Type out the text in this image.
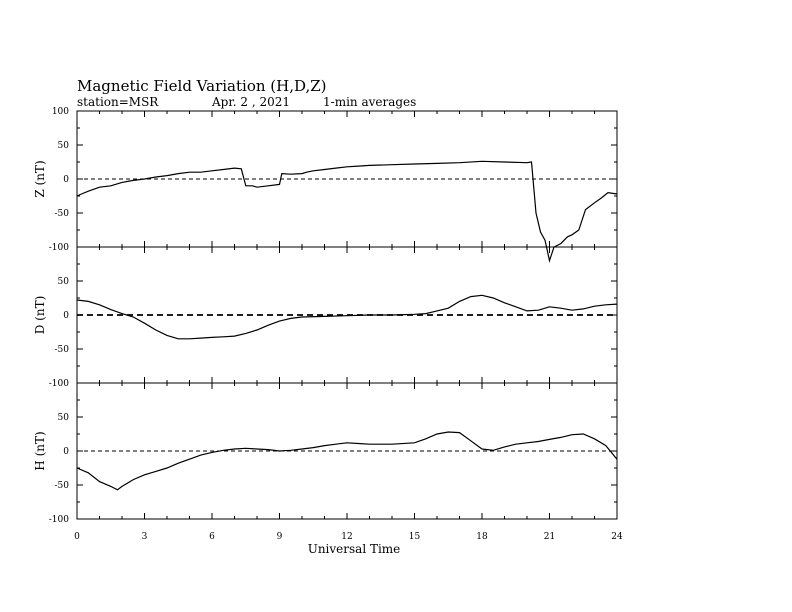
Magnetic Field Variation (H,D,Z)
station=MSR	Apr. 2 , 2021	1-min averages
100
50
0
-50
-100
Z (nT)
50
0
-50
-100
D (nT)
50
0
-50
-100
H (nT)
0	3	6	9	12	15	18	21	24
Universal Time
